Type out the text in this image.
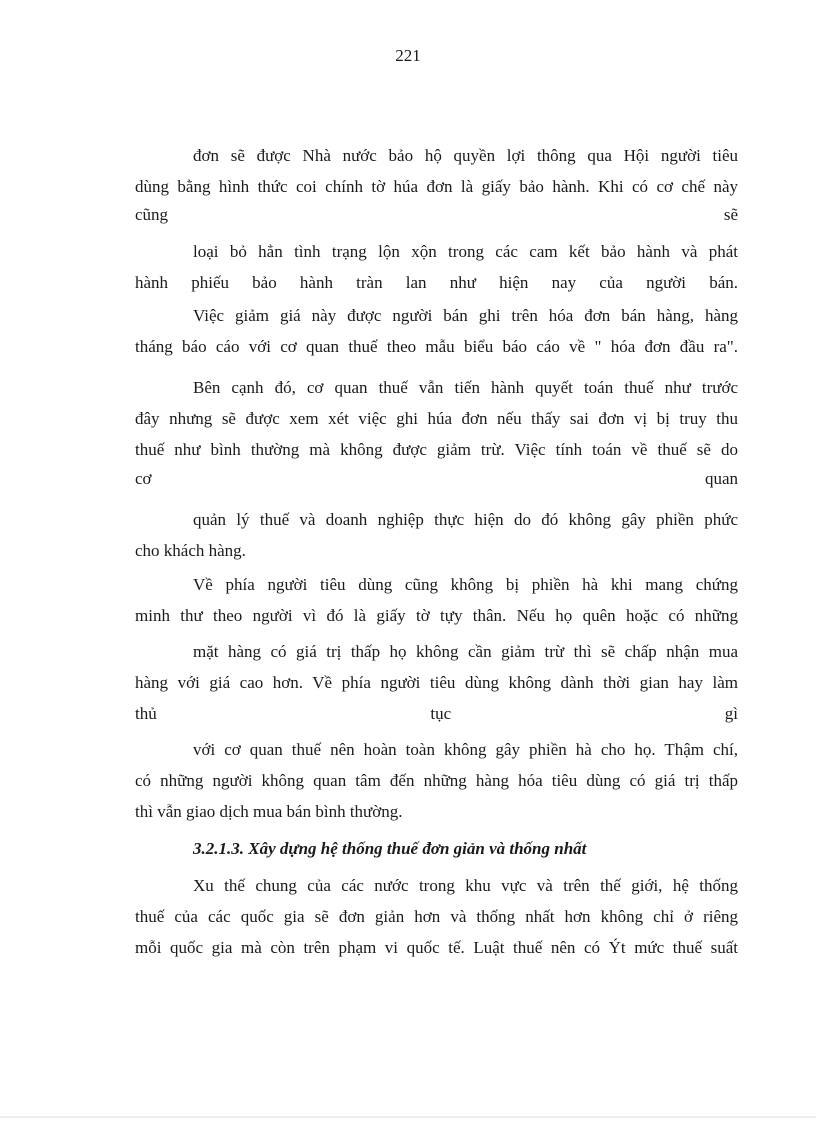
221
đơn sẽ được Nhà nước bảo hộ quyền lợi thông qua Hội người tiêu
dùng bằng hình thức coi chính tờ húa đơn là giấy bảo hành. Khi có cơ chế này
cũng sẽ
loại bỏ hẳn tình trạng lộn xộn trong các cam kết bảo hành và phát
hành phiếu bảo hành tràn lan như hiện nay của người bán.
Việc giảm giá này được người bán ghi trên hóa đơn bán hàng, hàng
tháng báo cáo với cơ quan thuế theo mẫu biểu báo cáo về " hóa đơn đầu ra".
Bên cạnh đó, cơ quan thuế vẫn tiến hành quyết toán thuế như trước
đây nhưng sẽ được xem xét việc ghi húa đơn nếu thấy sai đơn vị bị truy thu
thuế như bình thường mà không được giảm trừ. Việc tính toán về thuế sẽ do
cơ quan
quản lý thuế và doanh nghiệp thực hiện do đó không gây phiền phức
cho khách hàng.
Về phía người tiêu dùng cũng không bị phiền hà khi mang chứng
minh thư theo người vì đó là giấy tờ tựy thân. Nếu họ quên hoặc có những
mặt hàng có giá trị thấp họ không cần giảm trừ thì sẽ chấp nhận mua
hàng với giá cao hơn. Về phía người tiêu dùng không dành thời gian hay làm
thủ tục gì
với cơ quan thuế nên hoàn toàn không gây phiền hà cho họ. Thậm chí,
có những người không quan tâm đến những hàng hóa tiêu dùng có giá trị thấp
thì vẫn giao dịch mua bán bình thường.
3.2.1.3. Xây dựng hệ thống thuế đơn giản và thống nhất
Xu thế chung của các nước trong khu vực và trên thế giới, hệ thống
thuế của các quốc gia sẽ đơn giản hơn và thống nhất hơn không chỉ ở riêng
mỗi quốc gia mà còn trên phạm vi quốc tế. Luật thuế nên có Ýt mức thuế suất
